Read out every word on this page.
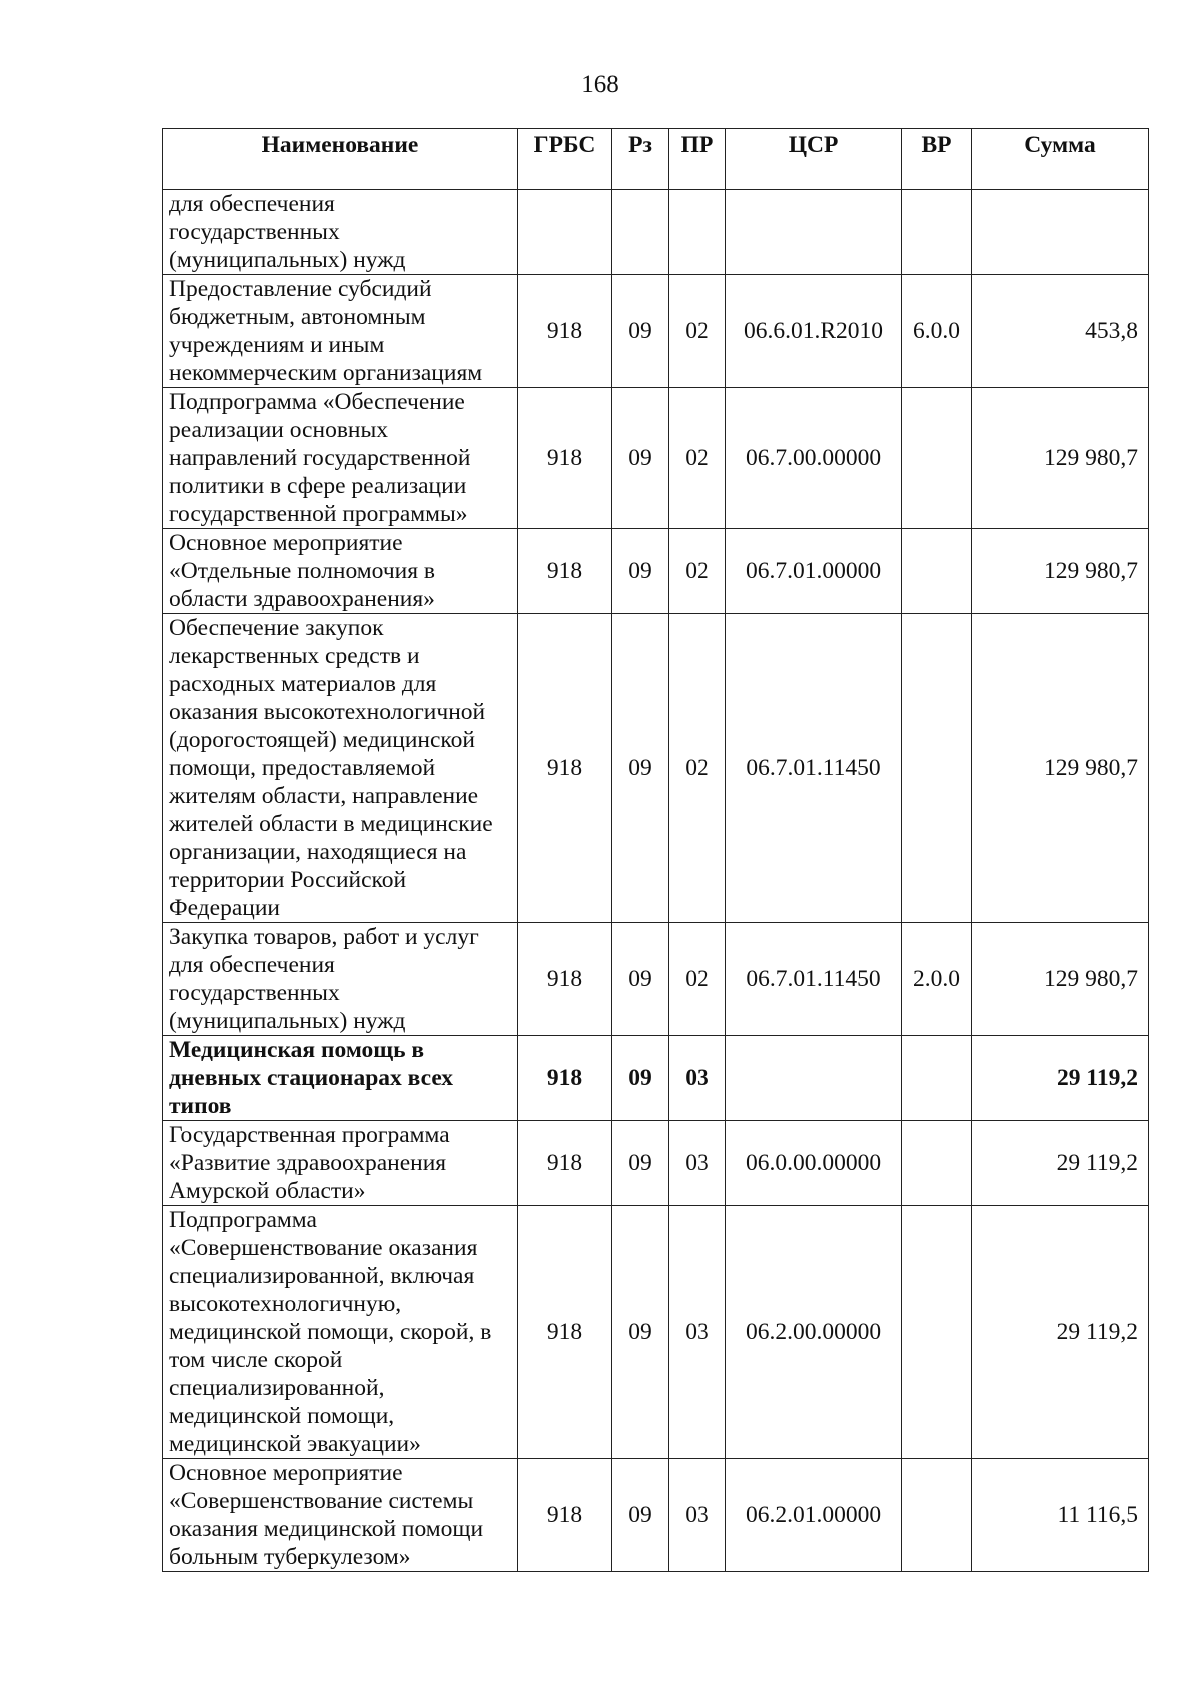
168
Наименование	ГРБС	Рз	ПР	ЦСР	ВР	Сумма
для обеспечения государственных (муниципальных) нужд						
Предоставление субсидий бюджетным, автономным учреждениям и иным некоммерческим организациям	918	09	02	06.6.01.R2010	6.0.0	453,8
Подпрограмма «Обеспечение реализации основных направлений государственной политики в сфере реализации государственной программы»	918	09	02	06.7.00.00000		129 980,7
Основное мероприятие «Отдельные полномочия в области здравоохранения»	918	09	02	06.7.01.00000		129 980,7
Обеспечение закупок лекарственных средств и расходных материалов для оказания высокотехнологичной (дорогостоящей) медицинской помощи, предоставляемой жителям области, направление жителей области в медицинские организации, находящиеся на территории Российской Федерации	918	09	02	06.7.01.11450		129 980,7
Закупка товаров, работ и услуг для обеспечения государственных (муниципальных) нужд	918	09	02	06.7.01.11450	2.0.0	129 980,7
Медицинская помощь в дневных стационарах всех типов	918	09	03			29 119,2
Государственная программа «Развитие здравоохранения Амурской области»	918	09	03	06.0.00.00000		29 119,2
Подпрограмма «Совершенствование оказания специализированной, включая высокотехнологичную, медицинской помощи, скорой, в том числе скорой специализированной, медицинской помощи, медицинской эвакуации»	918	09	03	06.2.00.00000		29 119,2
Основное мероприятие «Совершенствование системы оказания медицинской помощи больным туберкулезом»	918	09	03	06.2.01.00000		11 116,5
